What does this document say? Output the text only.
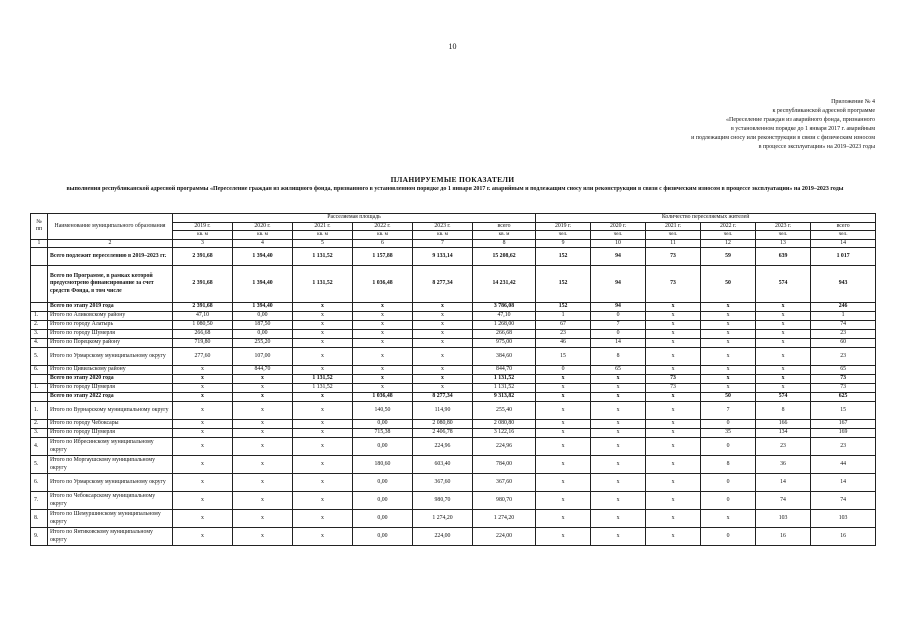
10
Приложение № 4
к республиканской адресной программе
«Переселение граждан из аварийного фонда, признанного
в установленном порядке до 1 января 2017 г. аварийным
и подлежащим сносу или реконструкции в связи с физическим износом
в процессе эксплуатации» на 2019–2023 годы
ПЛАНИРУЕМЫЕ ПОКАЗАТЕЛИ
выполнения республиканской адресной программы «Переселение граждан из жилищного фонда, признанного в установленном порядке до 1 января 2017 г. аварийным и подлежащим сносу или реконструкции в связи с физическим износом в процессе эксплуатации» на 2019–2023 годы
№ пп	Наименование муниципального образования	Расселяемая площадь						Количество переселяемых жителей					
		2019 г.	2020 г.	2021 г.	2022 г.	2023 г.	всего	2019 г.	2020 г.	2021 г.	2022 г.	2023 г.	всего
		кв. м	кв. м	кв. м	кв. м	кв. м	кв. м	чел.	чел.	чел.	чел.	чел.	чел.
1	2	3	4	5	6	7	8	9	10	11	12	13	14
	Всего подлежит переселению в 2019–2023 гг.	2 391,68	1 394,40	1 131,52	1 157,88	9 133,14	15 208,62	152	94	73	59	639	1 017
	Всего по Программе, в рамках которой предусмотрено финансирование за счет средств Фонда, в том числе	2 391,68	1 394,40	1 131,52	1 036,48	8 277,34	14 231,42	152	94	73	50	574	943
	Всего по этапу 2019 года	2 391,68	1 394,40	х	х	х	3 786,08	152	94	х	х	х	246
1.	Итого по Аликовскому району	47,10	0,00	х	х	х	47,10	1	0	х	х	х	1
2.	Итого по городу Алатырь	1 080,50	187,50	х	х	х	1 268,00	67	7	х	х	х	74
3.	Итого по городу Шумерля	266,68	0,00	х	х	х	266,68	23	0	х	х	х	23
4.	Итого по Порецкому району	719,80	255,20	х	х	х	975,00	46	14	х	х	х	60
5.	Итого по Урмарскому муниципальному округу	277,60	107,00	х	х	х	384,60	15	8	х	х	х	23
6.	Итого по Цивильскому району	х	844,70	х	х	х	844,70	0	65	х	х	х	65
	Всего по этапу 2020 года	х	х	1 131,52	х	х	1 131,52	х	х	73	х	х	73
1.	Итого по городу Шумерля	х	х	1 131,52	х	х	1 131,52	х	х	73	х	х	73
	Всего по этапу 2022 года	х	х	х	1 036,48	8 277,34	9 313,82	х	х	х	50	574	625
1.	Итого по Вурнарскому муниципальному округу	х	х	х	140,50	114,90	255,40	х	х	х	7	8	15
2.	Итого по городу Чебоксары	х	х	х	0,00	2 080,80	2 080,80	х	х	х	0	166	167
3.	Итого по городу Шумерля	х	х	х	715,38	2 406,78	3 122,16	х	х	х	35	134	169
4.	Итого по Ибресинскому муниципальному округу	х	х	х	0,00	224,96	224,96	х	х	х	0	23	23
5.	Итого по Моргаушскому муниципальному округу	х	х	х	180,60	603,40	784,00	х	х	х	8	36	44
6.	Итого по Урмарскому муниципальному округу	х	х	х	0,00	367,60	367,60	х	х	х	0	14	14
7.	Итого по Чебоксарскому муниципальному округу	х	х	х	0,00	980,70	980,70	х	х	х	0	74	74
8.	Итого по Шемуршинскому муниципальному округу	х	х	х	0,00	1 274,20	1 274,20	х	х	х	х	103	103
9.	Итого по Янтиковскому муниципальному округу	х	х	х	0,00	224,00	224,00	х	х	х	0	16	16
